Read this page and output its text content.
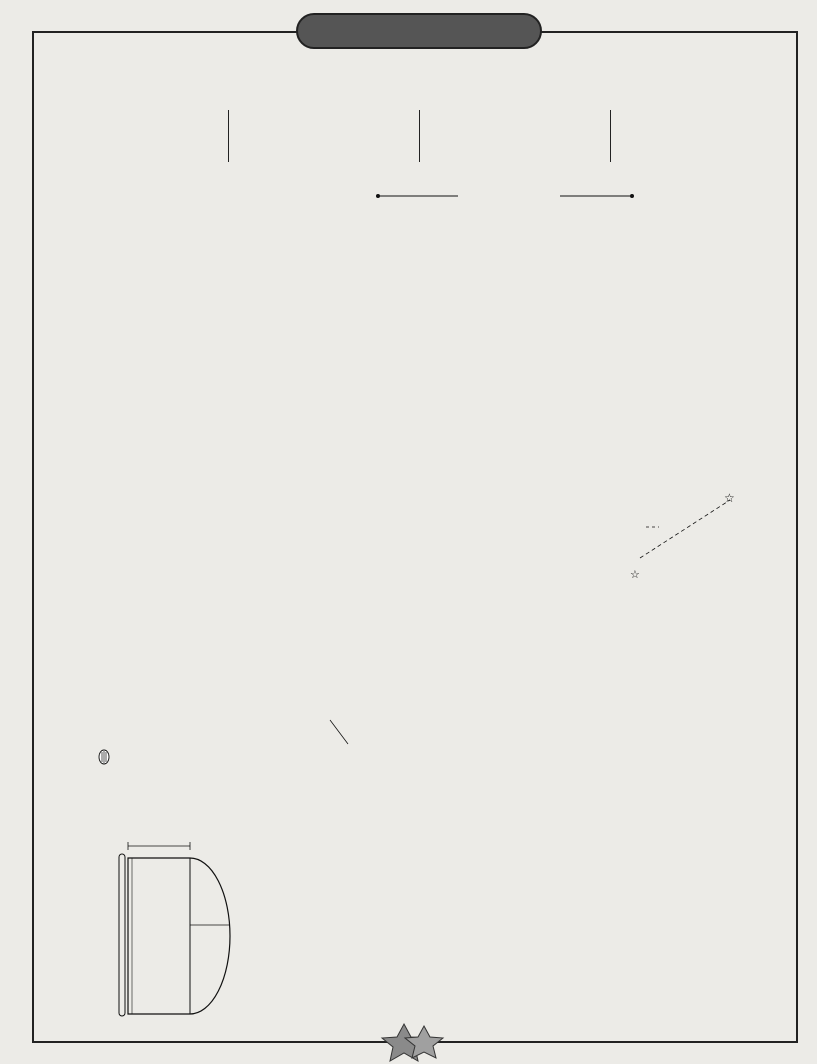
☆
☆
